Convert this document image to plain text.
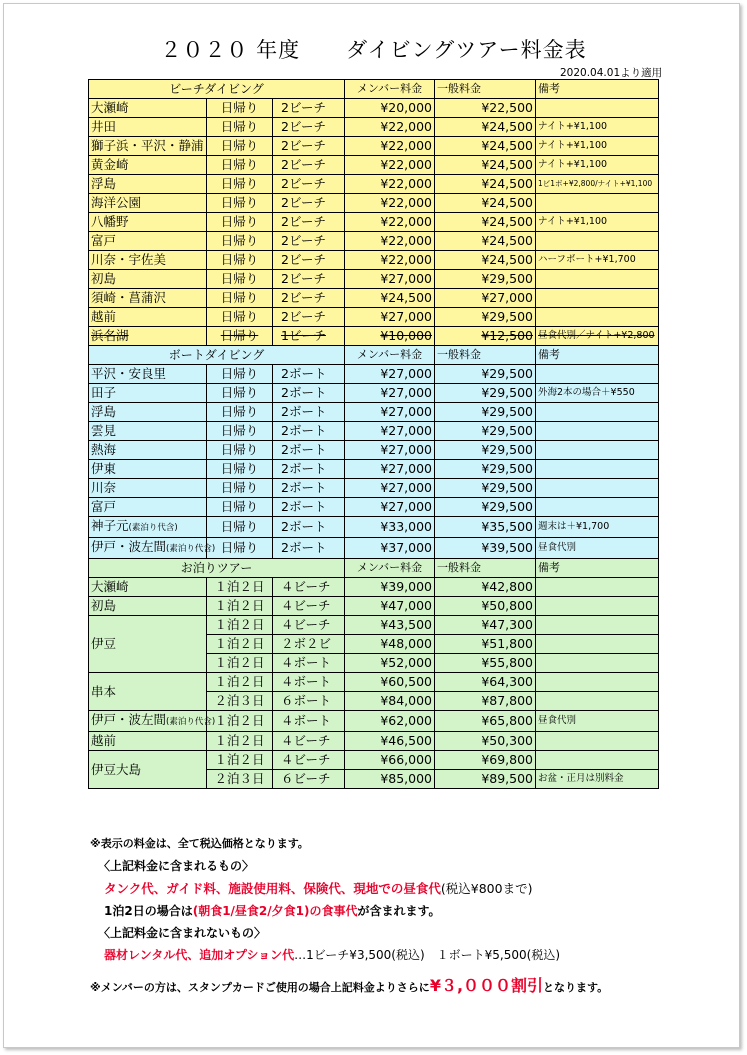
２０２０ 年度 ダイビングツアー料金表
2020.04.01より適用
ビーチダイビング			メンバー料金	一般料金	備考
大瀬崎	日帰り	2ビーチ	¥20,000	¥22,500	
井田	日帰り	2ビーチ	¥22,000	¥24,500	ナイト+¥1,100
獅子浜・平沢・静浦	日帰り	2ビーチ	¥22,000	¥24,500	ナイト+¥1,100
黄金崎	日帰り	2ビーチ	¥22,000	¥24,500	ナイト+¥1,100
浮島	日帰り	2ビーチ	¥22,000	¥24,500	1ビ1ボ+¥2,800/ナイト+¥1,100
海洋公園	日帰り	2ビーチ	¥22,000	¥24,500	
八幡野	日帰り	2ビーチ	¥22,000	¥24,500	ナイト+¥1,100
富戸	日帰り	2ビーチ	¥22,000	¥24,500	
川奈・宇佐美	日帰り	2ビーチ	¥22,000	¥24,500	ハーフボート+¥1,700
初島	日帰り	2ビーチ	¥27,000	¥29,500	
須崎・菖蒲沢	日帰り	2ビーチ	¥24,500	¥27,000	
越前	日帰り	2ビーチ	¥27,000	¥29,500	
浜名湖	日帰り	1ビーチ	¥10,000	¥12,500	昼食代別／ナイト+¥2,800
ボートダイビング			メンバー料金	一般料金	備考
平沢・安良里	日帰り	2ボート	¥27,000	¥29,500	
田子	日帰り	2ボート	¥27,000	¥29,500	外海2本の場合＋¥550
浮島	日帰り	2ボート	¥27,000	¥29,500	
雲見	日帰り	2ボート	¥27,000	¥29,500	
熱海	日帰り	2ボート	¥27,000	¥29,500	
伊東	日帰り	2ボート	¥27,000	¥29,500	
川奈	日帰り	2ボート	¥27,000	¥29,500	
富戸	日帰り	2ボート	¥27,000	¥29,500	
神子元(素泊り代含)	日帰り	2ボート	¥33,000	¥35,500	週末は＋¥1,700
伊戸・波左間(素泊り代含)	日帰り	2ボート	¥37,000	¥39,500	昼食代別
お泊りツアー			メンバー料金	一般料金	備考
大瀬崎	１泊２日	４ビーチ	¥39,000	¥42,800	
初島	１泊２日	４ビーチ	¥47,000	¥50,800	
伊豆	１泊２日	４ビーチ	¥43,500	¥47,300	
	１泊２日	２ボ２ビ	¥48,000	¥51,800	
	１泊２日	４ボート	¥52,000	¥55,800	
串本	１泊２日	４ボート	¥60,500	¥64,300	
	２泊３日	６ボート	¥84,000	¥87,800	
伊戸・波左間(素泊り代含)	１泊２日	４ボート	¥62,000	¥65,800	昼食代別
越前	１泊２日	４ビーチ	¥46,500	¥50,300	
伊豆大島	１泊２日	４ビーチ	¥66,000	¥69,800	
	２泊３日	６ビーチ	¥85,000	¥89,500	お盆・正月は別料金
※表示の料金は、全て税込価格となります。
〈上記料金に含まれるもの〉
タンク代、ガイド料、施設使用料、保険代、現地での昼食代(税込¥800まで)
1泊2日の場合は(朝食1/昼食2/夕食1)の食事代が含まれます。
〈上記料金に含まれないもの〉
器材レンタル代、追加オプション代…1ビーチ¥3,500(税込)　１ボート¥5,500(税込)
※メンバーの方は、スタンプカードご使用の場合上記料金よりさらに¥３,０００割引となります。
